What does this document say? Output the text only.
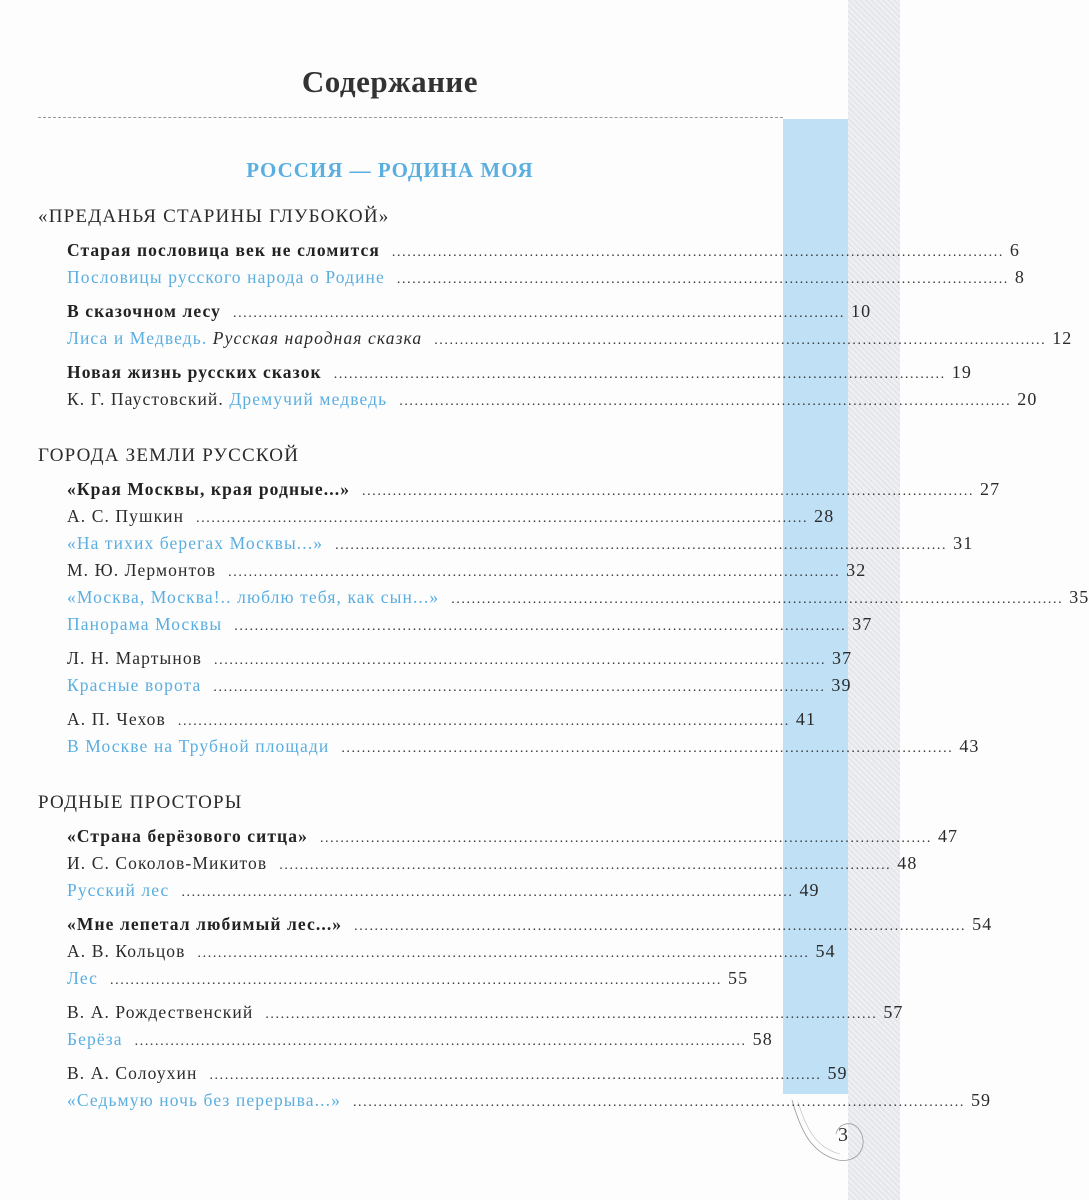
3
Содержание
РОССИЯ — РОДИНА МОЯ
«ПРЕДАНЬЯ СТАРИНЫ ГЛУБОКОЙ»
Старая пословица век не сломится ........................................................................................................................ 6
Пословицы русского народа о Родине ........................................................................................................................ 8
В сказочном лесу ........................................................................................................................ 10
Лиса и Медведь. Русская народная сказка ........................................................................................................................ 12
Новая жизнь русских сказок ........................................................................................................................ 19
К. Г. Паустовский. Дремучий медведь ........................................................................................................................ 20
ГОРОДА ЗЕМЛИ РУССКОЙ
«Края Москвы, края родные...» ........................................................................................................................ 27
А. С. Пушкин ........................................................................................................................ 28
«На тихих берегах Москвы...» ........................................................................................................................ 31
М. Ю. Лермонтов ........................................................................................................................ 32
«Москва, Москва!.. люблю тебя, как сын...» ........................................................................................................................ 35
Панорама Москвы ........................................................................................................................ 37
Л. Н. Мартынов ........................................................................................................................ 37
Красные ворота ........................................................................................................................ 39
А. П. Чехов ........................................................................................................................ 41
В Москве на Трубной площади ........................................................................................................................ 43
РОДНЫЕ ПРОСТОРЫ
«Страна берёзового ситца» ........................................................................................................................ 47
И. С. Соколов-Микитов ........................................................................................................................ 48
Русский лес ........................................................................................................................ 49
«Мне лепетал любимый лес...» ........................................................................................................................ 54
А. В. Кольцов ........................................................................................................................ 54
Лес ........................................................................................................................ 55
В. А. Рождественский ........................................................................................................................ 57
Берёза ........................................................................................................................ 58
В. А. Солоухин ........................................................................................................................ 59
«Седьмую ночь без перерыва...» ........................................................................................................................ 59
